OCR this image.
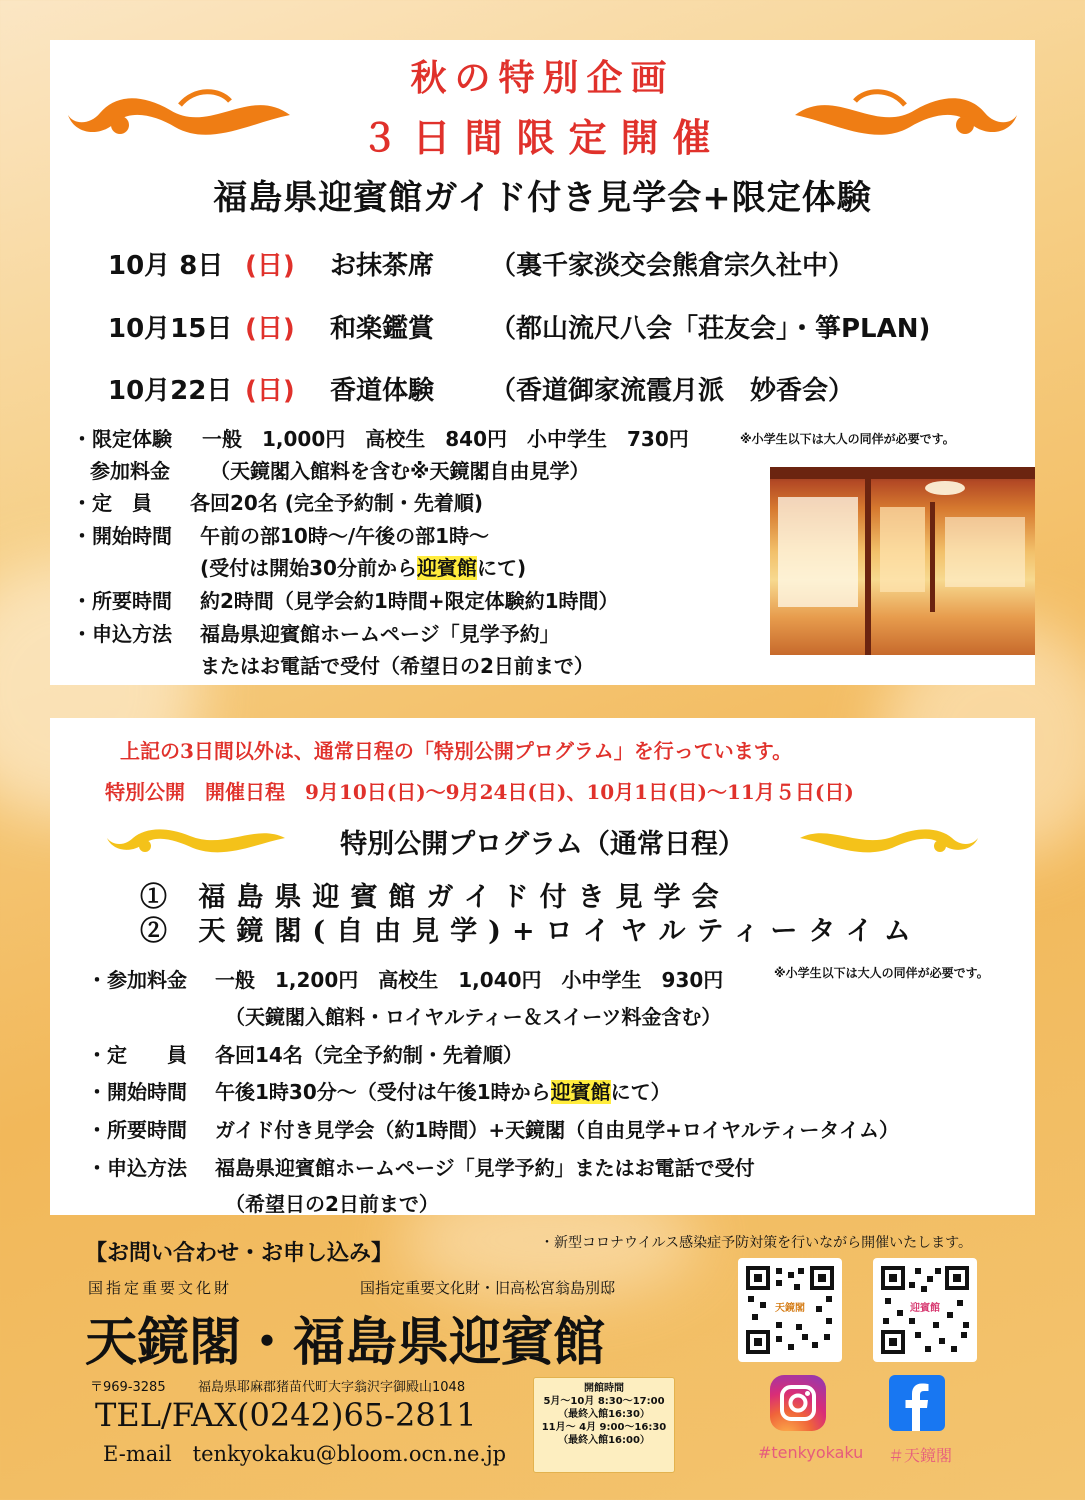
秋の特別企画
３日間限定開催
福島県迎賓館ガイド付き見学会+限定体験
10月 8日 (日) お抹茶席 （裏千家淡交会熊倉宗久社中）
10月15日 (日) 和楽鑑賞 （都山流尺八会「荘友会」・箏PLAN)
10月22日 (日) 香道体験 （香道御家流霞月派　妙香会）
・限定体験 一般　1,000円　高校生　840円　小中学生　730円	※小学生以下は大人の同伴が必要です。
参加料金 （天鏡閣入館料を含む※天鏡閣自由見学）
・定　員 各回20名 (完全予約制・先着順)
・開始時間 午前の部10時～/午後の部1時～
(受付は開始30分前から迎賓館にて)
・所要時間 約2時間（見学会約1時間+限定体験約1時間）
・申込方法 福島県迎賓館ホームページ「見学予約」
またはお電話で受付（希望日の2日前まで）
上記の3日間以外は、通常日程の「特別公開プログラム」を行っています。
特別公開　開催日程　9月10日(日)～9月24日(日)、10月1日(日)～11月５日(日)
特別公開プログラム（通常日程）
① 福島県迎賓館ガイド付き見学会
② 天鏡閣(自由見学)+ロイヤルティータイム
・参加料金 一般　1,200円　高校生　1,040円　小中学生　930円	※小学生以下は大人の同伴が必要です。
（天鏡閣入館料・ロイヤルティー＆スイーツ料金含む）
・定　　員 各回14名（完全予約制・先着順）
・開始時間 午後1時30分～（受付は午後1時から迎賓館にて）
・所要時間 ガイド付き見学会（約1時間）+天鏡閣（自由見学+ロイヤルティータイム）
・申込方法 福島県迎賓館ホームページ「見学予約」またはお電話で受付
（希望日の2日前まで）
【お問い合わせ・お申し込み】	・新型コロナウイルス感染症予防対策を行いながら開催いたします。
国指定重要文化財	国指定重要文化財・旧高松宮翁島別邸
天鏡閣・福島県迎賓館
〒969-3285 福島県耶麻郡猪苗代町大字翁沢字御殿山1048
TEL/FAX(0242)65-2811
E-mail　tenkyokaku@bloom.ocn.ne.jp
開館時間
5月～10月 8:30～17:00
（最終入館16:30）
11月～ 4月 9:00～16:30
（最終入館16:00）
天鏡閣	迎賓館
#tenkyokaku ＃天鏡閣
